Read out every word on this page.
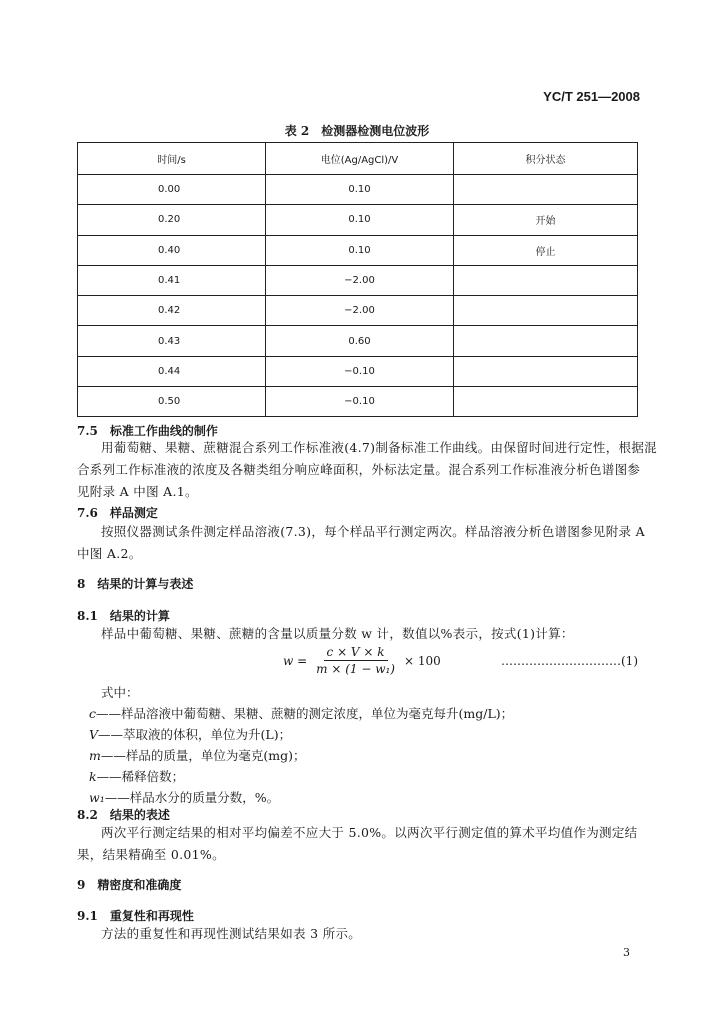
YC/T 251—2008
表 2　检测器检测电位波形
时间/s	电位(Ag/AgCl)/V	积分状态
0.00	0.10	
0.20	0.10	开始
0.40	0.10	停止
0.41	−2.00	
0.42	−2.00	
0.43	0.60	
0.44	−0.10	
0.50	−0.10	
7.5　标准工作曲线的制作
用葡萄糖、果糖、蔗糖混合系列工作标准液(4.7)制备标准工作曲线。由保留时间进行定性，根据混
合系列工作标准液的浓度及各糖类组分响应峰面积，外标法定量。混合系列工作标准液分析色谱图参
见附录 A 中图 A.1。
7.6　样品测定
按照仪器测试条件测定样品溶液(7.3)，每个样品平行测定两次。样品溶液分析色谱图参见附录 A
中图 A.2。
8　结果的计算与表述
8.1　结果的计算
样品中葡萄糖、果糖、蔗糖的含量以质量分数 w 计，数值以%表示，按式(1)计算：
$w = \frac{c \times V \times k}{\text{m × (1 − w₁)}} \times 100$	…………………………(1)
式中：
c——样品溶液中葡萄糖、果糖、蔗糖的测定浓度，单位为毫克每升(mg/L)；
V——萃取液的体积，单位为升(L)；
m——样品的质量，单位为毫克(mg)；
k——稀释倍数；
w₁——样品水分的质量分数，%。
8.2　结果的表述
两次平行测定结果的相对平均偏差不应大于 5.0%。以两次平行测定值的算术平均值作为测定结
果，结果精确至 0.01%。
9　精密度和准确度
9.1　重复性和再现性
方法的重复性和再现性测试结果如表 3 所示。
3
